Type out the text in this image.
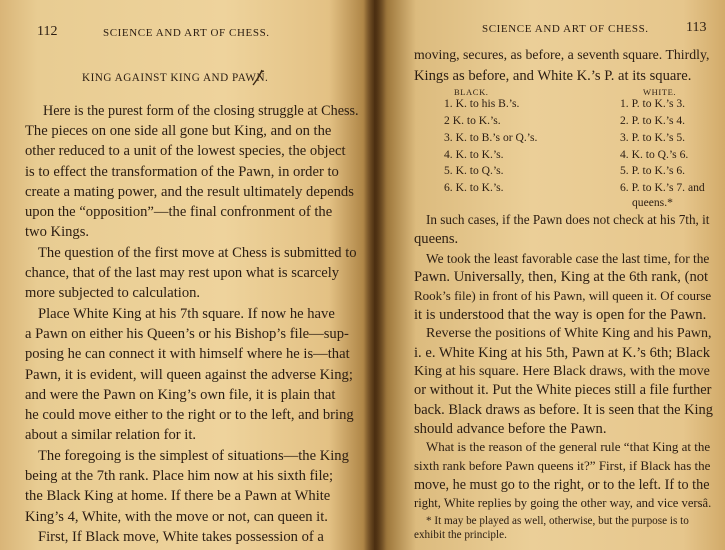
112	SCIENCE AND ART OF CHESS.
KING AGAINST KING AND PAWN.
Here is the purest form of the closing struggle at Chess.
The pieces on one side all gone but King, and on the
other reduced to a unit of the lowest species, the object
is to effect the transformation of the Pawn, in order to
create a mating power, and the result ultimately depends
upon the “opposition”—the final confronment of the
two Kings.
The question of the first move at Chess is submitted to
chance, that of the last may rest upon what is scarcely
more subjected to calculation.
Place White King at his 7th square. If now he have
a Pawn on either his Queen’s or his Bishop’s file—sup-
posing he can connect it with himself where he is—that
Pawn, it is evident, will queen against the adverse King;
and were the Pawn on King’s own file, it is plain that
he could move either to the right or to the left, and bring
about a similar relation for it.
The foregoing is the simplest of situations—the King
being at the 7th rank. Place him now at his sixth file;
the Black King at home. If there be a Pawn at White
King’s 4, White, with the move or not, can queen it.
First, If Black move, White takes possession of a
SCIENCE AND ART OF CHESS.	113
moving, secures, as before, a seventh square. Thirdly,
Kings as before, and White K.’s P. at its square.
BLACK.	WHITE.
1. K. to his B.’s.	1. P. to K.’s 3.
2 K. to K.’s.	2. P. to K.’s 4.
3. K. to B.’s or Q.’s.	3. P. to K.’s 5.
4. K. to K.’s.	4. K. to Q.’s 6.
5. K. to Q.’s.	5. P. to K.’s 6.
6. K. to K.’s.	6. P. to K.’s 7. and
queens.*
In such cases, if the Pawn does not check at his 7th, it
queens.
We took the least favorable case the last time, for the
Pawn. Universally, then, King at the 6th rank, (not
Rook’s file) in front of his Pawn, will queen it. Of course
it is understood that the way is open for the Pawn.
Reverse the positions of White King and his Pawn,
i. e. White King at his 5th, Pawn at K.’s 6th; Black
King at his square. Here Black draws, with the move
or without it. Put the White pieces still a file further
back. Black draws as before. It is seen that the King
should advance before the Pawn.
What is the reason of the general rule “that King at the
sixth rank before Pawn queens it?” First, if Black has the
move, he must go to the right, or to the left. If to the
right, White replies by going the other way, and vice versâ.
* It may be played as well, otherwise, but the purpose is to
exhibit the principle.
